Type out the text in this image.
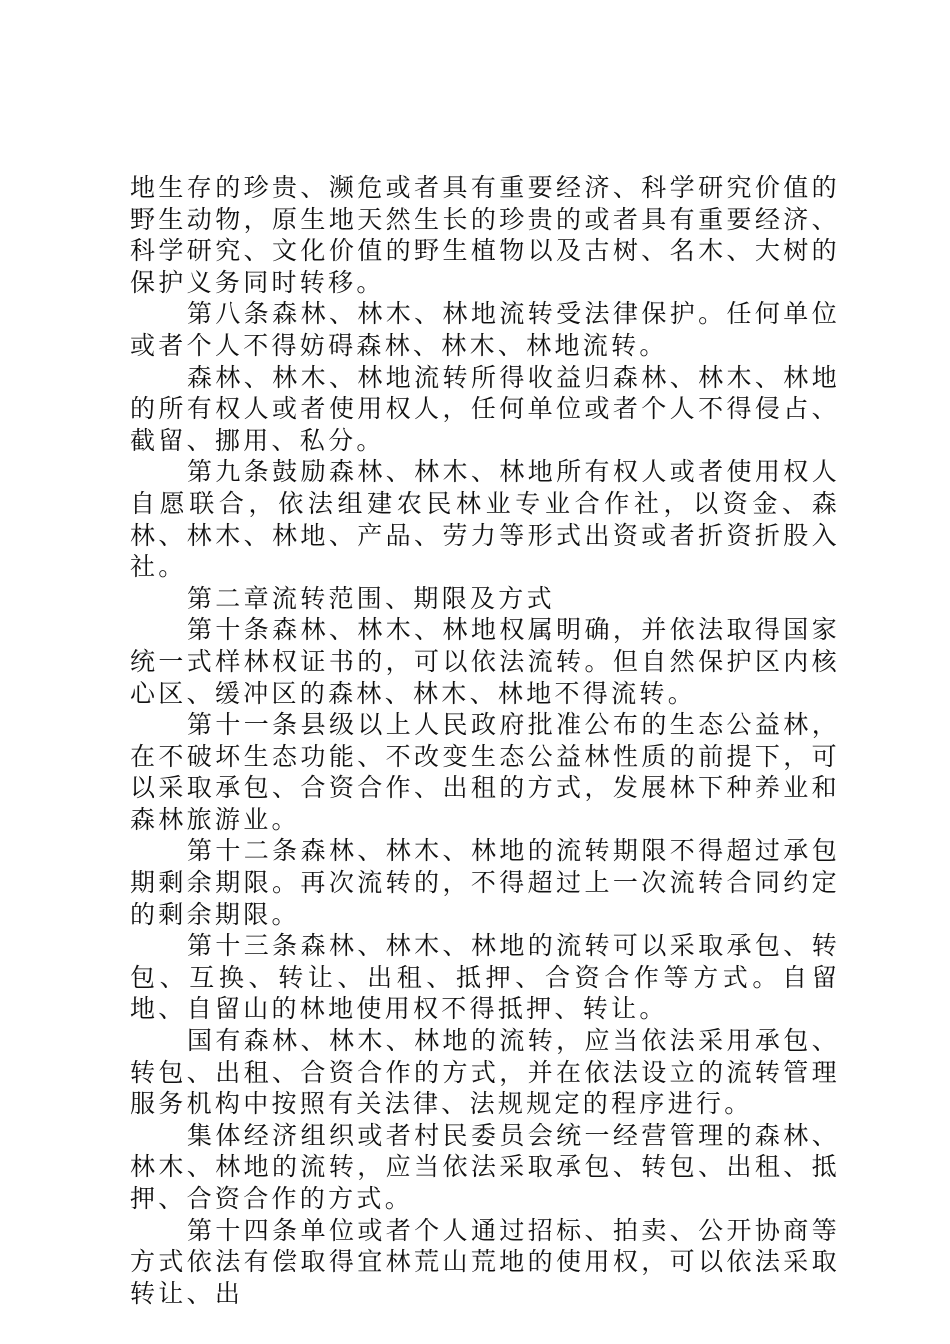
地生存的珍贵、濒危或者具有重要经济、科学研究价值的野生动物，原生地天然生长的珍贵的或者具有重要经济、科学研究、文化价值的野生植物以及古树、名木、大树的保护义务同时转移。

第八条森林、林木、林地流转受法律保护。任何单位或者个人不得妨碍森林、林木、林地流转。

森林、林木、林地流转所得收益归森林、林木、林地的所有权人或者使用权人，任何单位或者个人不得侵占、截留、挪用、私分。

第九条鼓励森林、林木、林地所有权人或者使用权人自愿联合，依法组建农民林业专业合作社，以资金、森林、林木、林地、产品、劳力等形式出资或者折资折股入社。

第二章流转范围、期限及方式

第十条森林、林木、林地权属明确，并依法取得国家统一式样林权证书的，可以依法流转。但自然保护区内核心区、缓冲区的森林、林木、林地不得流转。

第十一条县级以上人民政府批准公布的生态公益林，在不破坏生态功能、不改变生态公益林性质的前提下，可以采取承包、合资合作、出租的方式，发展林下种养业和森林旅游业。

第十二条森林、林木、林地的流转期限不得超过承包期剩余期限。再次流转的，不得超过上一次流转合同约定的剩余期限。

第十三条森林、林木、林地的流转可以采取承包、转包、互换、转让、出租、抵押、合资合作等方式。自留地、自留山的林地使用权不得抵押、转让。

国有森林、林木、林地的流转，应当依法采用承包、转包、出租、合资合作的方式，并在依法设立的流转管理服务机构中按照有关法律、法规规定的程序进行。

集体经济组织或者村民委员会统一经营管理的森林、林木、林地的流转，应当依法采取承包、转包、出租、抵押、合资合作的方式。

第十四条单位或者个人通过招标、拍卖、公开协商等方式依法有偿取得宜林荒山荒地的使用权，可以依法采取转让、出
